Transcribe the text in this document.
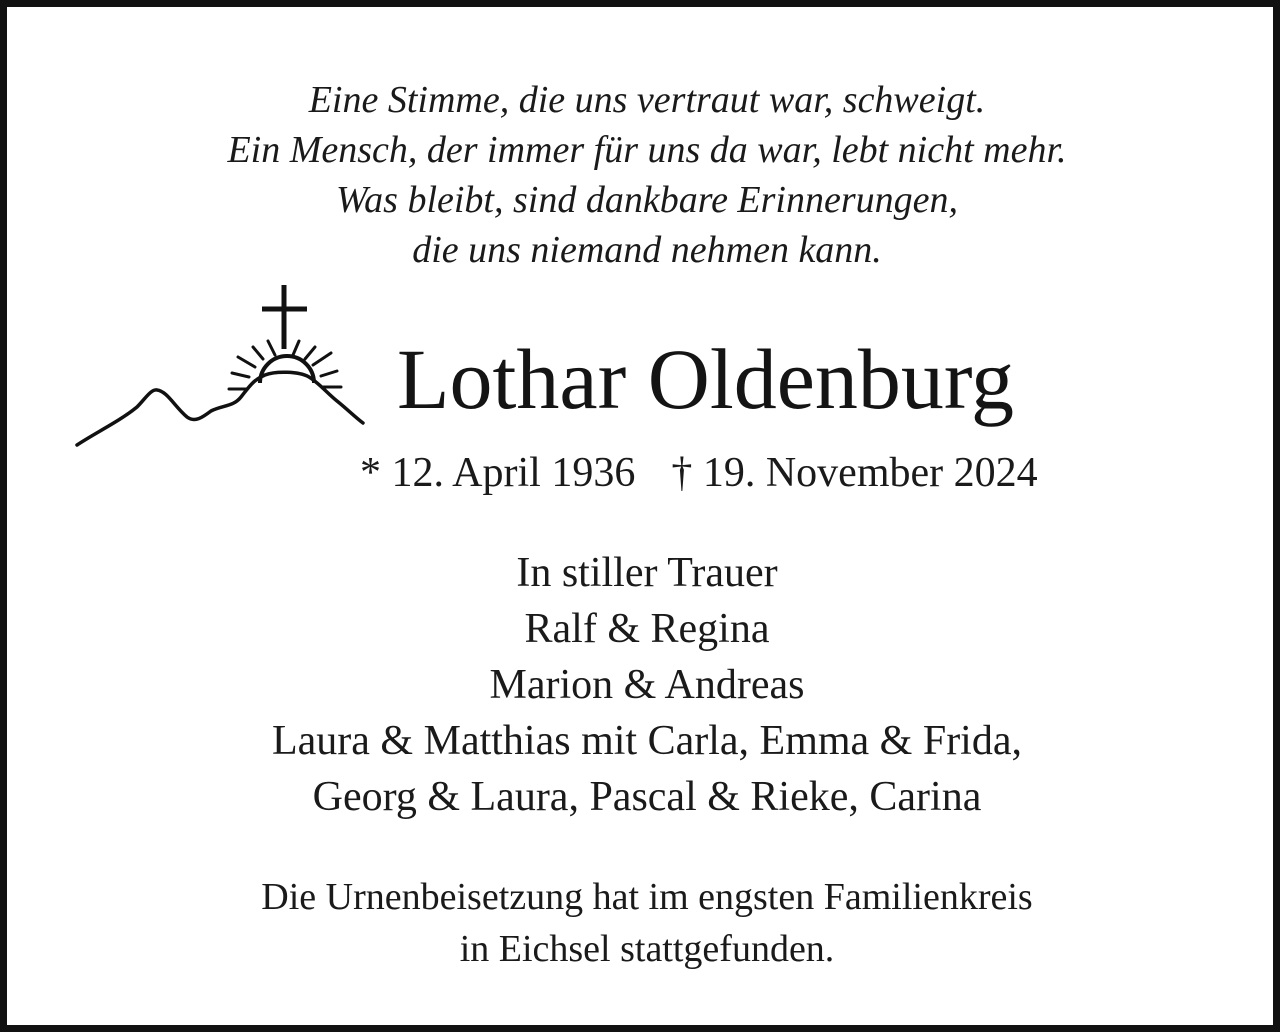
Eine Stimme, die uns vertraut war, schweigt.
Ein Mensch, der immer für uns da war, lebt nicht mehr.
Was bleibt, sind dankbare Erinnerungen,
die uns niemand nehmen kann.
Lothar Oldenburg
* 12. April 1936 † 19. November 2024
In stiller Trauer
Ralf & Regina
Marion & Andreas
Laura & Matthias mit Carla, Emma & Frida,
Georg & Laura, Pascal & Rieke, Carina
Die Urnenbeisetzung hat im engsten Familienkreis
in Eichsel stattgefunden.
